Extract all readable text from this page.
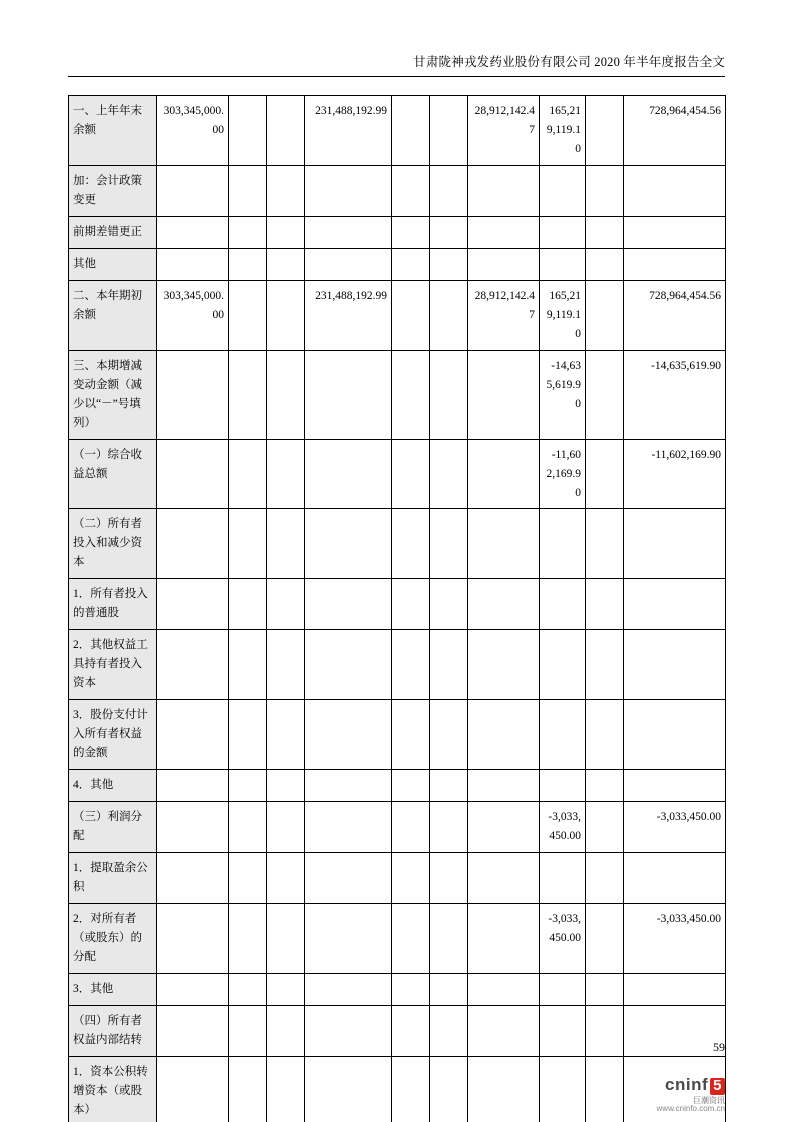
甘肃陇神戎发药业股份有限公司 2020 年半年度报告全文
一、上年年末余额	303,345,000.00			231,488,192.99			28,912,142.47	165,219,119.10		728,964,454.56
加：会计政策变更										
前期差错更正										
其他										
二、本年期初余额	303,345,000.00			231,488,192.99			28,912,142.47	165,219,119.10		728,964,454.56
三、本期增减变动金额（减少以“－”号填列）								-14,635,619.90		-14,635,619.90
（一）综合收益总额								-11,602,169.90		-11,602,169.90
（二）所有者投入和减少资本										
1．所有者投入的普通股										
2．其他权益工具持有者投入资本										
3．股份支付计入所有者权益的金额										
4．其他										
（三）利润分配								-3,033,450.00		-3,033,450.00
1．提取盈余公积										
2．对所有者（或股东）的分配								-3,033,450.00		-3,033,450.00
3．其他										
（四）所有者权益内部结转										
1．资本公积转增资本（或股本）										
59
cninf 5
巨潮资讯
www.cninfo.com.cn
